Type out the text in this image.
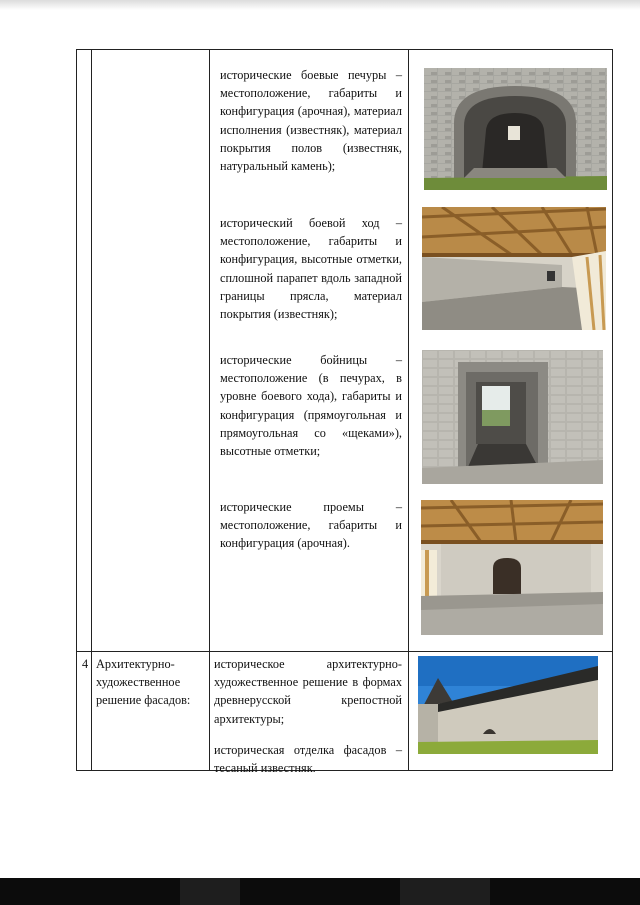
исторические боевые печуры – местоположение, габариты и конфигурация (арочная), материал исполнения (известняк), материал покрытия полов (известняк, натуральный камень);
исторический боевой ход – местоположение, габариты и конфигурация, высотные отметки, сплошной парапет вдоль западной границы прясла, материал покрытия (известняк);
исторические бойницы – местоположение (в печурах, в уровне боевого хода), габариты и конфигурация (прямоугольная и прямоугольная со «щеками»), высотные отметки;
исторические проемы – местоположение, габариты и конфигурация (арочная).
4 Архитектурно-художественное решение фасадов:
историческое архитектурно-художественное решение в формах древнерусской крепостной архитектуры;
историческая отделка фасадов – тесаный известняк.
